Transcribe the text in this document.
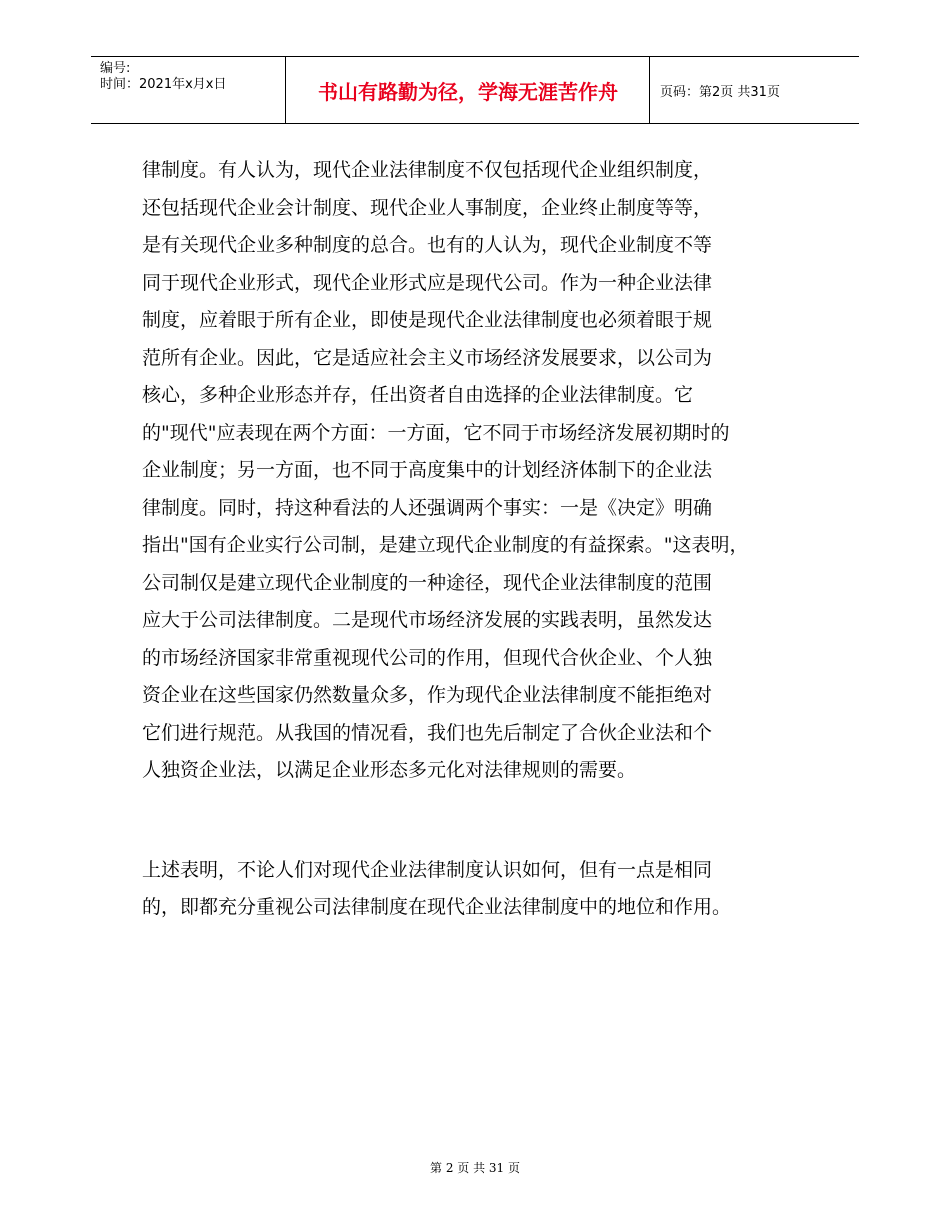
编号:
时间：2021年x月x日	书山有路勤为径，学海无涯苦作舟	页码：第2页 共31页

律制度。有人认为，现代企业法律制度不仅包括现代企业组织制度，

还包括现代企业会计制度、现代企业人事制度，企业终止制度等等，

是有关现代企业多种制度的总合。也有的人认为，现代企业制度不等

同于现代企业形式，现代企业形式应是现代公司。作为一种企业法律

制度，应着眼于所有企业，即使是现代企业法律制度也必须着眼于规

范所有企业。因此，它是适应社会主义市场经济发展要求，以公司为

核心，多种企业形态并存，任出资者自由选择的企业法律制度。它

的"现代"应表现在两个方面：一方面，它不同于市场经济发展初期时的

企业制度；另一方面，也不同于高度集中的计划经济体制下的企业法

律制度。同时，持这种看法的人还强调两个事实：一是《决定》明确

指出"国有企业实行公司制，是建立现代企业制度的有益探索。"这表明，

公司制仅是建立现代企业制度的一种途径，现代企业法律制度的范围

应大于公司法律制度。二是现代市场经济发展的实践表明，虽然发达

的市场经济国家非常重视现代公司的作用，但现代合伙企业、个人独

资企业在这些国家仍然数量众多，作为现代企业法律制度不能拒绝对

它们进行规范。从我国的情况看，我们也先后制定了合伙企业法和个

人独资企业法，以满足企业形态多元化对法律规则的需要。

上述表明，不论人们对现代企业法律制度认识如何，但有一点是相同

的，即都充分重视公司法律制度在现代企业法律制度中的地位和作用。

第 2 页 共 31 页
